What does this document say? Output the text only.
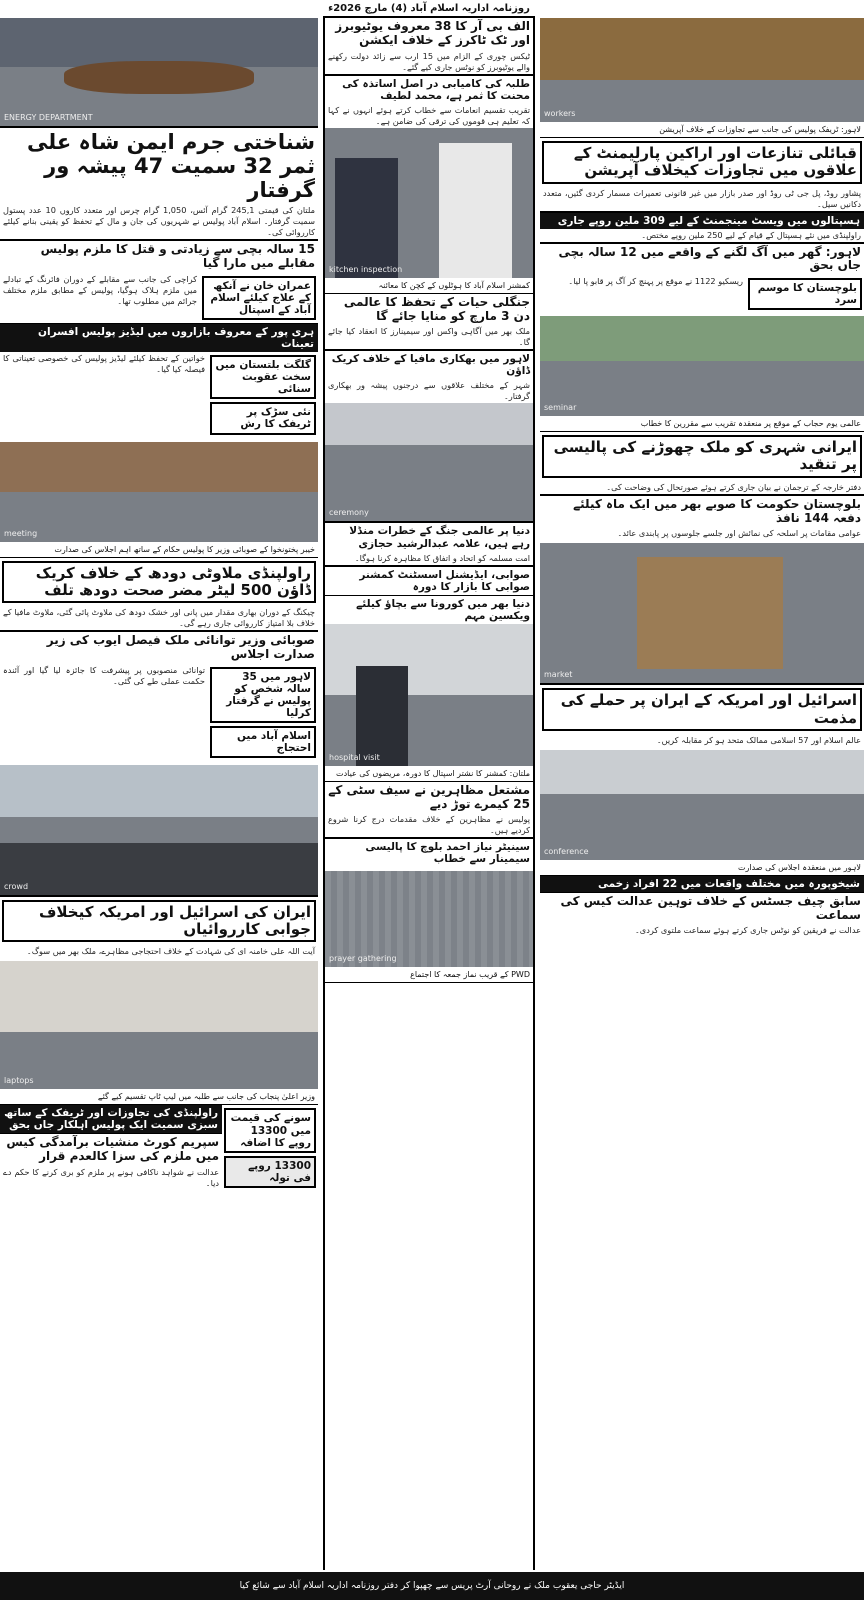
روزنامہ اداریہ اسلام آباد (4) مارچ 2026ء
ENERGY DEPARTMENT
شناختی جرم ایمن شاہ علی ثمر 32 سمیت 47 پیشہ ور گرفتار
ملتان کی قیمتی 245,1 گرام آئس، 1,050 گرام چرس اور متعدد کاروں 10 عدد پستول سمیت گرفتار۔ اسلام آباد پولیس نے شہریوں کی جان و مال کے تحفظ کو یقینی بنانے کیلئے کارروائی کی۔
15 سالہ بچی سے زیادتی و قتل کا ملزم پولیس مقابلے میں مارا گیا
کراچی کی جانب سے مقابلے کے دوران فائرنگ کے تبادلے میں ملزم ہلاک ہوگیا، پولیس کے مطابق ملزم مختلف جرائم میں مطلوب تھا۔
عمران خان نے آنکھ کے علاج کیلئے اسلام آباد کے اسپتال
ہری پور کے معروف بازاروں میں لیڈیز پولیس افسران تعینات
خواتین کے تحفظ کیلئے لیڈیز پولیس کی خصوصی تعیناتی کا فیصلہ کیا گیا۔ گلگت بلتستان میں سخت عقوبت سنائی
نئی سڑک پر ٹریفک کا رش
meeting
خیبر پختونخوا کے صوبائی وزیر کا پولیس حکام کے ساتھ اہم اجلاس کی صدارت
راولپنڈی ملاوٹی دودھ کے خلاف کریک ڈاؤن 500 لیٹر مضر صحت دودھ تلف
چیکنگ کے دوران بھاری مقدار میں پانی اور خشک دودھ کی ملاوٹ پائی گئی، ملاوٹ مافیا کے خلاف بلا امتیاز کارروائی جاری رہے گی۔
صوبائی وزیر توانائی ملک فیصل ایوب کی زیر صدارت اجلاس
توانائی منصوبوں پر پیشرفت کا جائزہ لیا گیا اور آئندہ حکمت عملی طے کی گئی۔	لاہور میں 35 سالہ شخص کو پولیس نے گرفتار کرلیا
اسلام آباد میں احتجاج
crowd
ایران کی اسرائیل اور امریکہ کیخلاف جوابی کارروائیاں
آیت اللہ علی خامنہ ای کی شہادت کے خلاف احتجاجی مظاہرے، ملک بھر میں سوگ۔
laptops
وزیر اعلیٰ پنجاب کی جانب سے طلبہ میں لیپ ٹاپ تقسیم کیے گئے
راولپنڈی کی تجاوزات اور ٹریفک کے ساتھ سبزی سمیت ایک پولیس اہلکار جاں بحق
سپریم کورٹ منشیات برآمدگی کیس میں ملزم کی سزا کالعدم قرار
عدالت نے شواہد ناکافی ہونے پر ملزم کو بری کرنے کا حکم دے دیا۔
سونے کی قیمت میں 13300 روپے کا اضافہ
13300 روپے فی تولہ
الف بی آر کا 38 معروف یوٹیوبرز اور ٹک ٹاکرز کے خلاف ایکشن
ٹیکس چوری کے الزام میں 15 ارب سے زائد دولت رکھنے والے یوٹیوبرز کو نوٹس جاری کیے گئے۔
طلبہ کی کامیابی در اصل اساتذہ کی محنت کا ثمر ہے، محمد لطیف
تقریب تقسیم انعامات سے خطاب کرتے ہوئے انہوں نے کہا کہ تعلیم ہی قوموں کی ترقی کی ضامن ہے۔
kitchen inspection
کمشنر اسلام آباد کا ہوٹلوں کے کچن کا معائنہ
جنگلی حیات کے تحفظ کا عالمی دن 3 مارچ کو منایا جائے گا
ملک بھر میں آگاہی واکس اور سیمینارز کا انعقاد کیا جائے گا۔
لاہور میں بھکاری مافیا کے خلاف کریک ڈاؤن
شہر کے مختلف علاقوں سے درجنوں پیشہ ور بھکاری گرفتار۔
ceremony
دنیا پر عالمی جنگ کے خطرات منڈلا رہے ہیں، علامہ عبدالرشید حجازی
امت مسلمہ کو اتحاد و اتفاق کا مظاہرہ کرنا ہوگا۔
صوابی، ایڈیشنل اسسٹنٹ کمشنر صوابی کا بازار کا دورہ
دنیا بھر میں کورونا سے بچاؤ کیلئے ویکسین مہم
hospital visit
ملتان: کمشنر کا نشتر اسپتال کا دورہ، مریضوں کی عیادت
مشتعل مظاہرین نے سیف سٹی کے 25 کیمرے توڑ دیے
پولیس نے مظاہرین کے خلاف مقدمات درج کرنا شروع کردیے ہیں۔
سینیٹر نیاز احمد بلوچ کا پالیسی سیمینار سے خطاب
prayer gathering
PWD کے قریب نماز جمعہ کا اجتماع
workers
لاہور: ٹریفک پولیس کی جانب سے تجاوزات کے خلاف آپریشن
قبائلی تنازعات اور اراکین پارلیمنٹ کے علاقوں میں تجاوزات کیخلاف آپریشن
پشاور روڈ، پل جی ٹی روڈ اور صدر بازار میں غیر قانونی تعمیرات مسمار کردی گئیں، متعدد دکانیں سیل۔
ہسپتالوں میں ویسٹ مینجمنٹ کے لیے 309 ملین روپے جاری
راولپنڈی میں نئے ہسپتال کے قیام کے لیے 250 ملین روپے مختص۔
لاہور: گھر میں آگ لگنے کے واقعے میں 12 سالہ بچی جاں بحق
ریسکیو 1122 نے موقع پر پہنچ کر آگ پر قابو پا لیا۔
بلوچستان کا موسم سرد
seminar
عالمی یوم حجاب کے موقع پر منعقدہ تقریب سے مقررین کا خطاب
ایرانی شہری کو ملک چھوڑنے کی پالیسی پر تنقید
دفتر خارجہ کے ترجمان نے بیان جاری کرتے ہوئے صورتحال کی وضاحت کی۔
بلوچستان حکومت کا صوبے بھر میں ایک ماہ کیلئے دفعہ 144 نافذ
عوامی مقامات پر اسلحہ کی نمائش اور جلسے جلوسوں پر پابندی عائد۔
market
اسرائیل اور امریکہ کے ایران پر حملے کی مذمت
عالم اسلام اور 57 اسلامی ممالک متحد ہو کر مقابلہ کریں۔
conference
لاہور میں منعقدہ اجلاس کی صدارت
شیخوپورہ میں مختلف واقعات میں 22 افراد زخمی
سابق چیف جسٹس کے خلاف توہین عدالت کیس کی سماعت
عدالت نے فریقین کو نوٹس جاری کرتے ہوئے سماعت ملتوی کردی۔
ایڈیٹر حاجی یعقوب ملک نے روحانی آرٹ پریس سے چھپوا کر دفتر روزنامہ اداریہ اسلام آباد سے شائع کیا
